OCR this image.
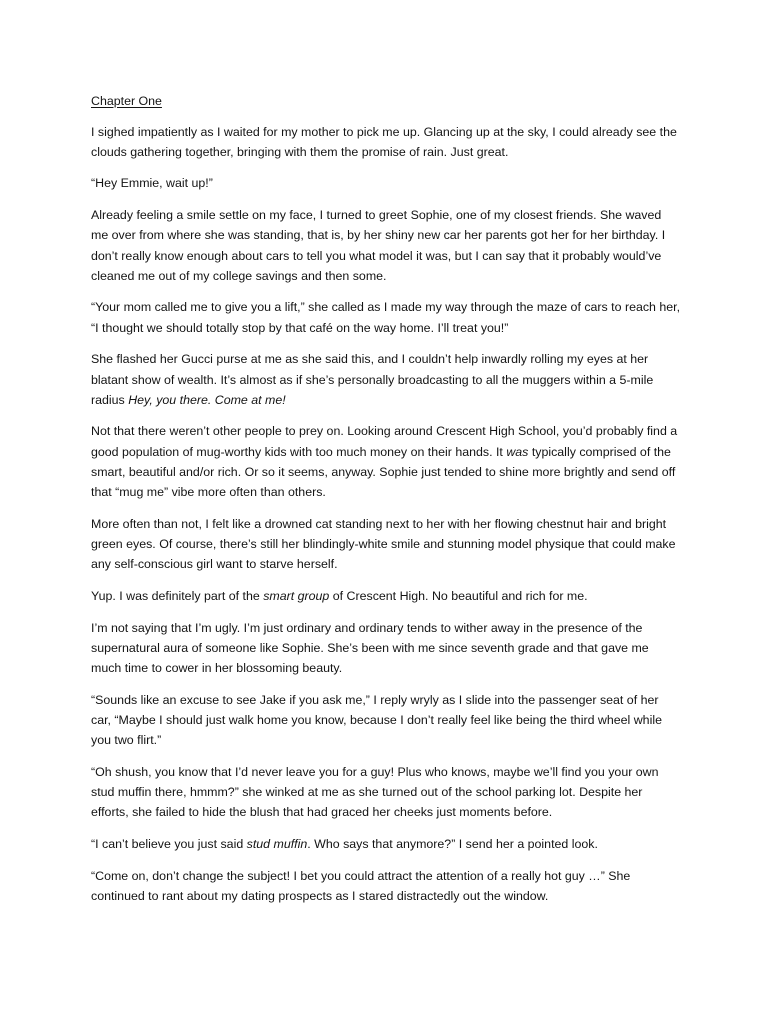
Chapter One

I sighed impatiently as I waited for my mother to pick me up. Glancing up at the sky, I could already see the clouds gathering together, bringing with them the promise of rain. Just great.

“Hey Emmie, wait up!”

Already feeling a smile settle on my face, I turned to greet Sophie, one of my closest friends. She waved me over from where she was standing, that is, by her shiny new car her parents got her for her birthday. I don’t really know enough about cars to tell you what model it was, but I can say that it probably would’ve cleaned me out of my college savings and then some.

“Your mom called me to give you a lift,” she called as I made my way through the maze of cars to reach her, “I thought we should totally stop by that café on the way home. I’ll treat you!”

She flashed her Gucci purse at me as she said this, and I couldn’t help inwardly rolling my eyes at her blatant show of wealth. It’s almost as if she’s personally broadcasting to all the muggers within a 5-mile radius Hey, you there. Come at me!

Not that there weren’t other people to prey on. Looking around Crescent High School, you’d probably find a good population of mug-worthy kids with too much money on their hands. It was typically comprised of the smart, beautiful and/or rich. Or so it seems, anyway. Sophie just tended to shine more brightly and send off that “mug me” vibe more often than others.

More often than not, I felt like a drowned cat standing next to her with her flowing chestnut hair and bright green eyes. Of course, there’s still her blindingly-white smile and stunning model physique that could make any self-conscious girl want to starve herself.

Yup. I was definitely part of the smart group of Crescent High. No beautiful and rich for me.

I’m not saying that I’m ugly. I’m just ordinary and ordinary tends to wither away in the presence of the supernatural aura of someone like Sophie. She’s been with me since seventh grade and that gave me much time to cower in her blossoming beauty.

“Sounds like an excuse to see Jake if you ask me,” I reply wryly as I slide into the passenger seat of her car, “Maybe I should just walk home you know, because I don’t really feel like being the third wheel while you two flirt.”

“Oh shush, you know that I’d never leave you for a guy! Plus who knows, maybe we’ll find you your own stud muffin there, hmmm?” she winked at me as she turned out of the school parking lot. Despite her efforts, she failed to hide the blush that had graced her cheeks just moments before.

“I can’t believe you just said stud muffin. Who says that anymore?” I send her a pointed look.

“Come on, don’t change the subject! I bet you could attract the attention of a really hot guy …” She continued to rant about my dating prospects as I stared distractedly out the window.
